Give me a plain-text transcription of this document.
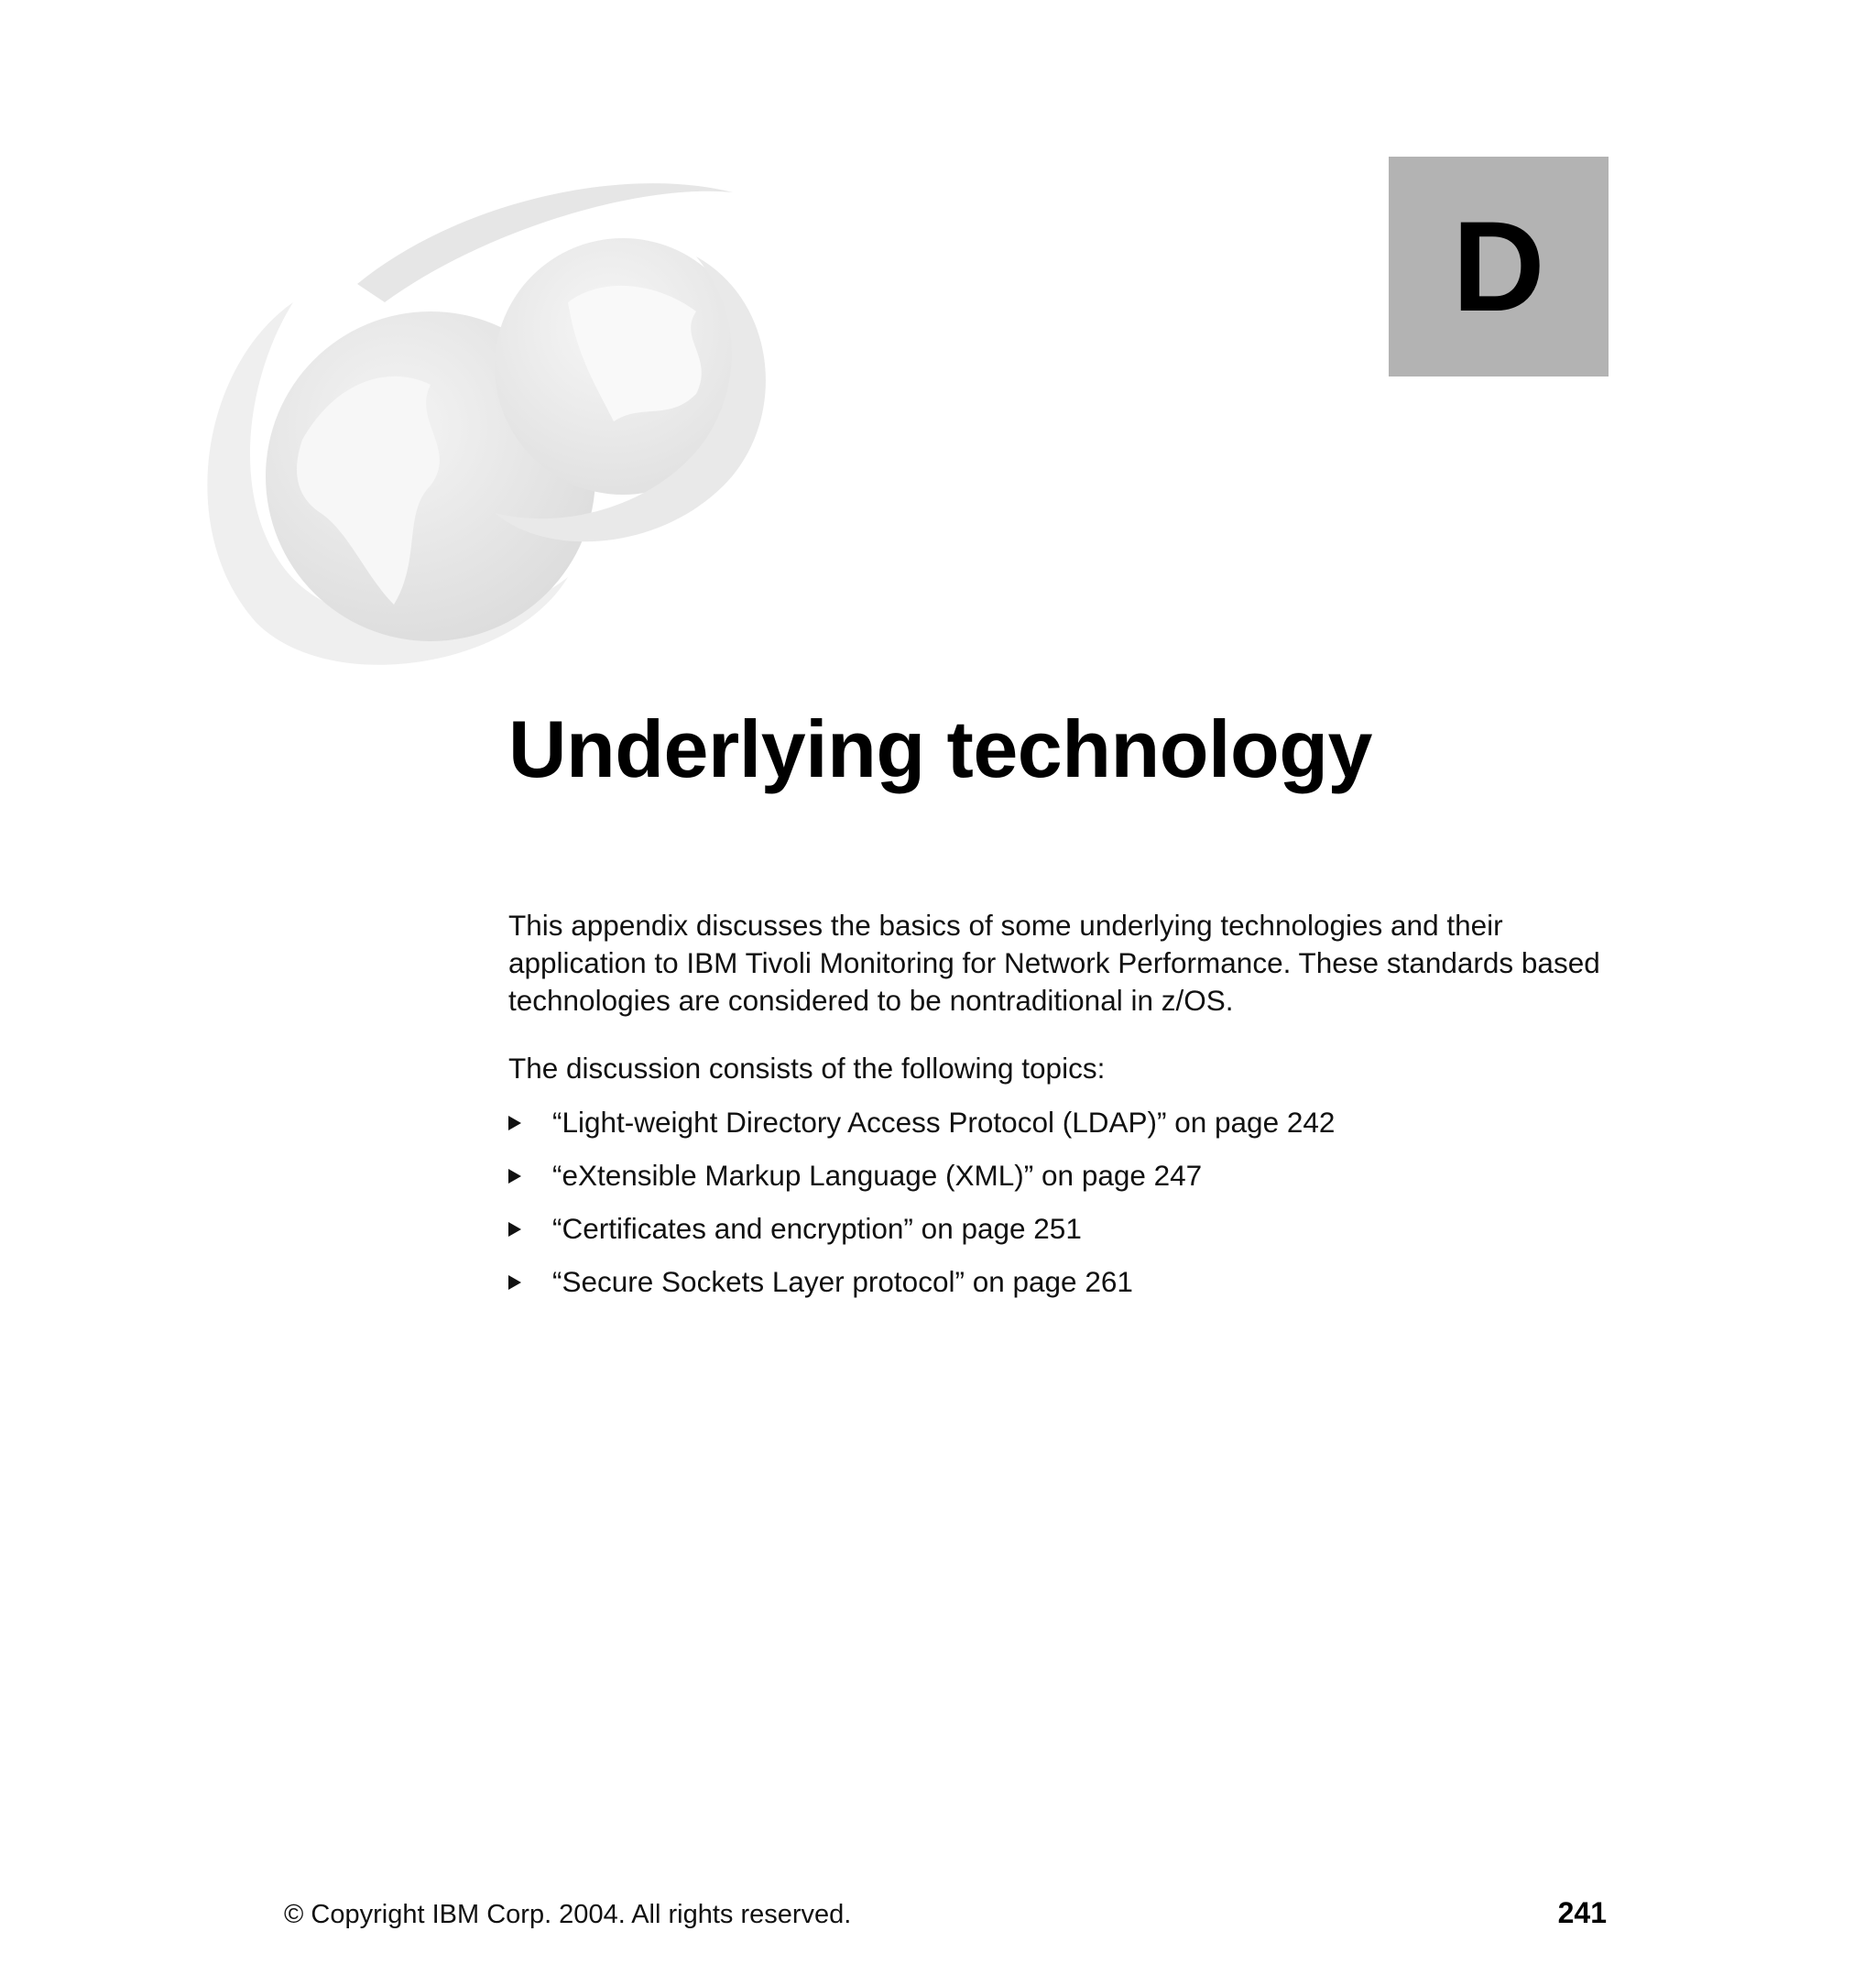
D
Underlying technology

This appendix discusses the basics of some underlying technologies and their application to IBM Tivoli Monitoring for Network Performance. These standards based technologies are considered to be nontraditional in z/OS.

The discussion consists of the following topics:

“Light-weight Directory Access Protocol (LDAP)” on page 242
“eXtensible Markup Language (XML)” on page 247
“Certificates and encryption” on page 251
“Secure Sockets Layer protocol” on page 261
© Copyright IBM Corp. 2004. All rights reserved.	241
